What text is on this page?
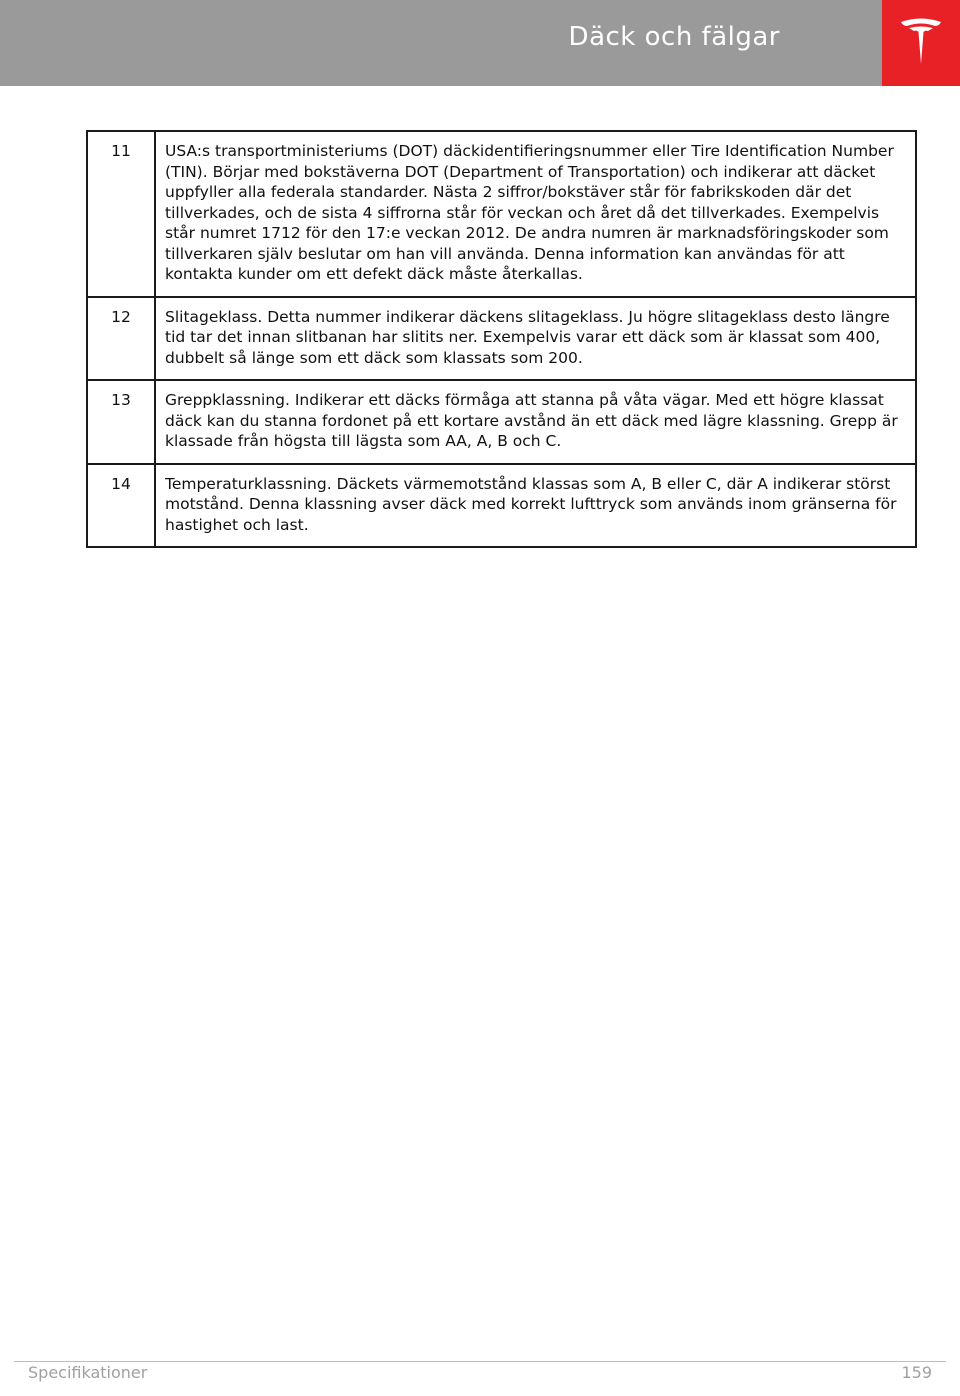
Däck och fälgar
11	USA:s transportministeriums (DOT) däckidentifieringsnummer eller Tire Identification Number (TIN). Börjar med bokstäverna DOT (Department of Transportation) och indikerar att däcket uppfyller alla federala standarder. Nästa 2 siffror/bokstäver står för fabrikskoden där det tillverkades, och de sista 4 siffrorna står för veckan och året då det tillverkades. Exempelvis står numret 1712 för den 17:e veckan 2012. De andra numren är marknadsföringskoder som tillverkaren själv beslutar om han vill använda. Denna information kan användas för att kontakta kunder om ett defekt däck måste återkallas.
12	Slitageklass. Detta nummer indikerar däckens slitageklass. Ju högre slitageklass desto längre tid tar det innan slitbanan har slitits ner. Exempelvis varar ett däck som är klassat som 400, dubbelt så länge som ett däck som klassats som 200.
13	Greppklassning. Indikerar ett däcks förmåga att stanna på våta vägar. Med ett högre klassat däck kan du stanna fordonet på ett kortare avstånd än ett däck med lägre klassning. Grepp är klassade från högsta till lägsta som AA, A, B och C.
14	Temperaturklassning. Däckets värmemotstånd klassas som A, B eller C, där A indikerar störst motstånd. Denna klassning avser däck med korrekt lufttryck som används inom gränserna för hastighet och last.
Specifikationer	159
